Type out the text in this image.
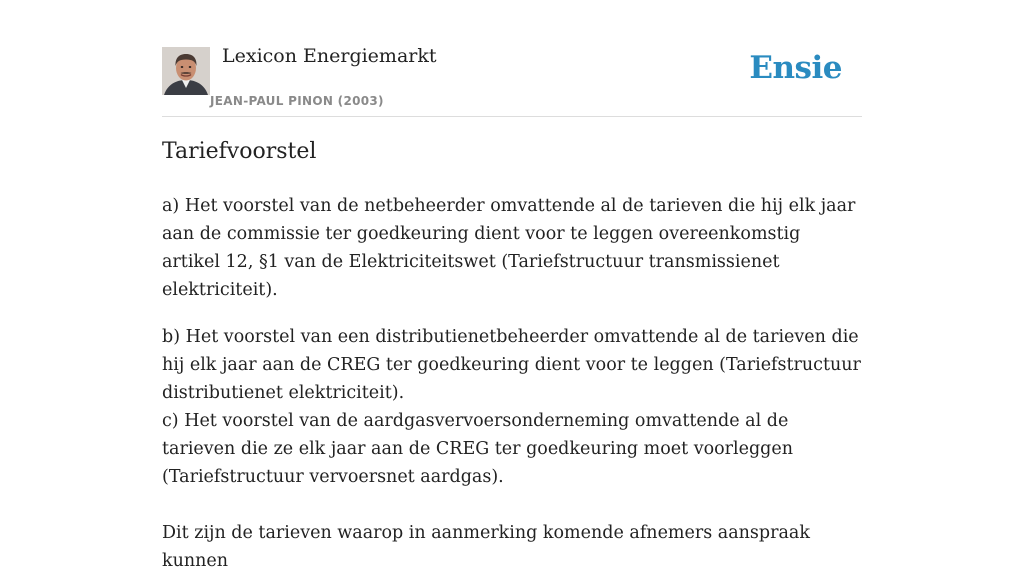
Lexicon Energiemarkt
JEAN-PAUL PINON (2003)
Ensie
Tariefvoorstel

a) Het voorstel van de netbeheerder omvattende al de tarieven die hij elk jaar aan de commissie ter goedkeuring dient voor te leggen overeenkomstig artikel 12, §1 van de Elektriciteitswet (Tariefstructuur transmissienet elektriciteit).

b) Het voorstel van een distributienetbeheerder omvattende al de tarieven die hij elk jaar aan de CREG ter goedkeuring dient voor te leggen (Tariefstructuur distributienet elektriciteit).

c) Het voorstel van de aardgasvervoersonderneming omvattende al de tarieven die ze elk jaar aan de CREG ter goedkeuring moet voorleggen (Tariefstructuur vervoersnet aardgas).

Dit zijn de tarieven waarop in aanmerking komende afnemers aanspraak kunnen
